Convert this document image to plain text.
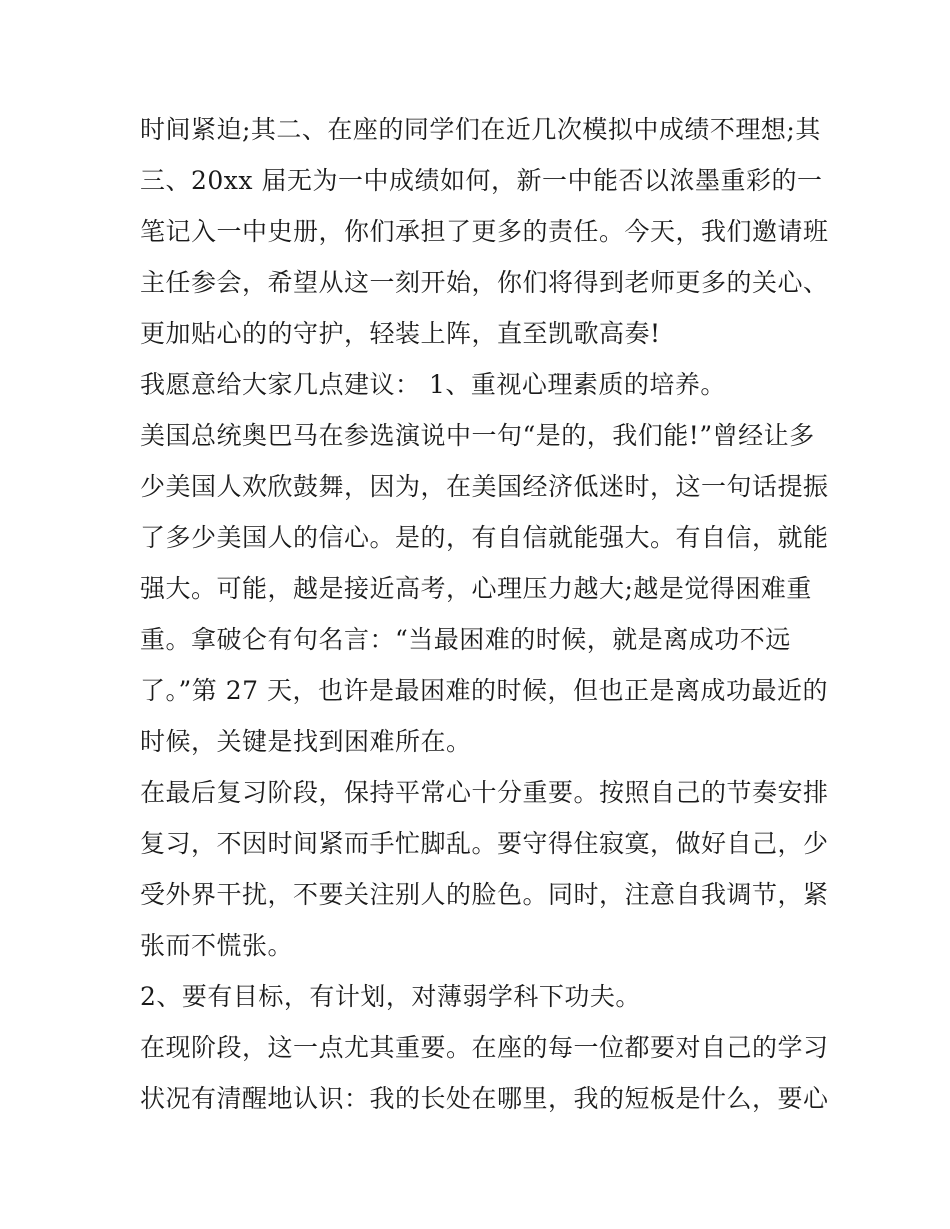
时间紧迫;其二、在座的同学们在近几次模拟中成绩不理想;其
三、20xx 届无为一中成绩如何，新一中能否以浓墨重彩的一
笔记入一中史册，你们承担了更多的责任。今天，我们邀请班
主任参会，希望从这一刻开始，你们将得到老师更多的关心、
更加贴心的的守护，轻装上阵，直至凯歌高奏!
我愿意给大家几点建议： 1、重视心理素质的培养。
美国总统奥巴马在参选演说中一句“是的，我们能!”曾经让多
少美国人欢欣鼓舞，因为，在美国经济低迷时，这一句话提振
了多少美国人的信心。是的，有自信就能强大。有自信，就能
强大。可能，越是接近高考，心理压力越大;越是觉得困难重
重。拿破仑有句名言：“当最困难的时候，就是离成功不远
了。”第 27 天，也许是最困难的时候，但也正是离成功最近的
时候，关键是找到困难所在。
在最后复习阶段，保持平常心十分重要。按照自己的节奏安排
复习，不因时间紧而手忙脚乱。要守得住寂寞，做好自己，少
受外界干扰，不要关注别人的脸色。同时，注意自我调节，紧
张而不慌张。
2、要有目标，有计划，对薄弱学科下功夫。
在现阶段，这一点尤其重要。在座的每一位都要对自己的学习
状况有清醒地认识：我的长处在哪里，我的短板是什么，要心
